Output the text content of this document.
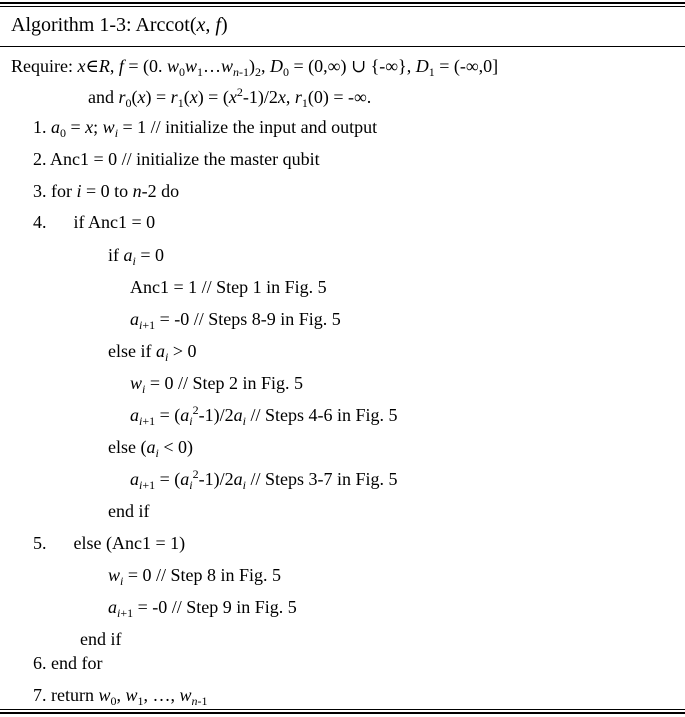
Algorithm 1-3: Arccot(x, f)
Require: x∈R, f = (0. $w_0w_1\dots w_{n-1})_2$, $D_0 = (0,\infty)$ ∪ {-∞}, $D_1 = (-\infty,0]$
and $r_0(x) = r_1(x) = (x^2-1)/2x$, $r_1(0)$ = -∞.
1. $a_0 = x$; $w_i = 1$ // initialize the input and output
2. Anc1 = 0 // initialize the master qubit
3. for i = 0 to n-2 do
4.      if Anc1 = 0
if $a_i = 0$
Anc1 = 1 // Step 1 in Fig. 5
$a_{i+1} = -0$ // Steps 8-9 in Fig. 5
else if $a_i > 0$
$w_i = 0$ // Step 2 in Fig. 5
$a_{i+1} = (a_i^2-1)/2a_i$ // Steps 4-6 in Fig. 5
else $(a_i < 0)$
$a_{i+1} = (a_i^2-1)/2a_i$ // Steps 3-7 in Fig. 5
end if
5.      else (Anc1 = 1)
$w_i = 0$ // Step 8 in Fig. 5
$a_{i+1} = -0$ // Step 9 in Fig. 5
end if
6. end for
7. return $w_0$, $w_1$, …, $w_{n-1}$
